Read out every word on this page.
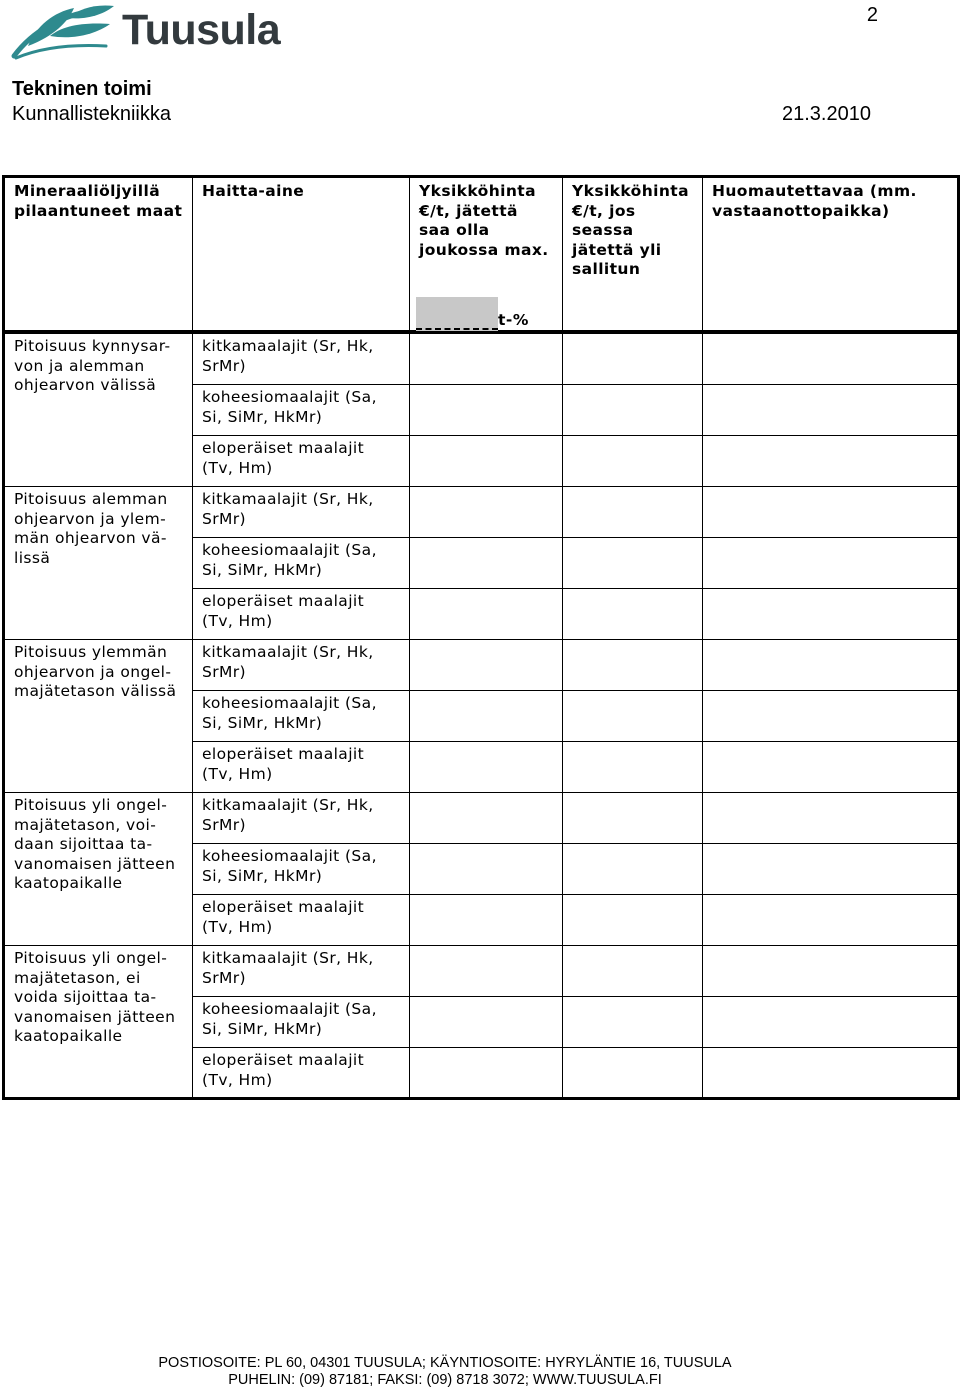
Tuusula	2
Tekninen toimi
Kunnallistekniikka	21.3.2010
Mineraaliöljyillä pilaantuneet maat	Haitta-aine	Yksikköhinta €/t, jätettä saa olla joukossa max.	Yksikköhinta €/t, jos seassa jätettä yli sallitun	Huomautettavaa (mm. vastaanottopaikka)
t-%
Pitoisuus kynnysar-von ja alemman ohjearvon välissä	kitkamaalajit (Sr, Hk, SrMr)			
	koheesiomaalajit (Sa, Si, SiMr, HkMr)			
	eloperäiset maalajit (Tv, Hm)			
Pitoisuus alemman ohjearvon ja ylem-män ohjearvon vä-lissä	kitkamaalajit (Sr, Hk, SrMr)			
	koheesiomaalajit (Sa, Si, SiMr, HkMr)			
	eloperäiset maalajit (Tv, Hm)			
Pitoisuus ylemmän ohjearvon ja ongel-majätetason välissä	kitkamaalajit (Sr, Hk, SrMr)			
	koheesiomaalajit (Sa, Si, SiMr, HkMr)			
	eloperäiset maalajit (Tv, Hm)			
Pitoisuus yli ongel-majätetason, voi-daan sijoittaa ta-vanomaisen jätteen kaatopaikalle	kitkamaalajit (Sr, Hk, SrMr)			
	koheesiomaalajit (Sa, Si, SiMr, HkMr)			
	eloperäiset maalajit (Tv, Hm)			
Pitoisuus yli ongel-majätetason, ei voida sijoittaa ta-vanomaisen jätteen kaatopaikalle	kitkamaalajit (Sr, Hk, SrMr)			
	koheesiomaalajit (Sa, Si, SiMr, HkMr)			
	eloperäiset maalajit (Tv, Hm)			
POSTIOSOITE: PL 60, 04301 TUUSULA; KÄYNTIOSOITE: HYRYLÄNTIE 16, TUUSULA
PUHELIN: (09) 87181; FAKSI: (09) 8718 3072; WWW.TUUSULA.FI
